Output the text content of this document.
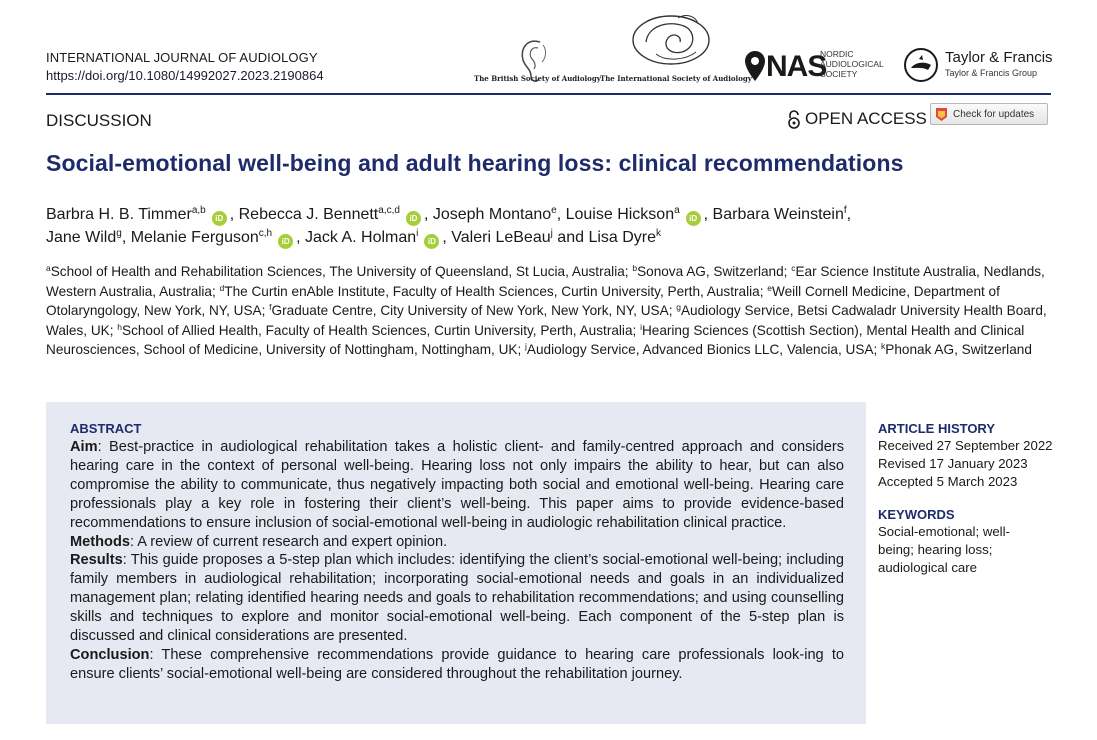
INTERNATIONAL JOURNAL OF AUDIOLOGY
https://doi.org/10.1080/14992027.2023.2190864	The British Society of Audiology The International Society of Audiology NAS
NORDIC
AUDIOLOGICAL
SOCIETY
Taylor & Francis
Taylor & Francis Group
DISCUSSION	OPEN ACCESS	Check for updates
Social-emotional well-being and adult hearing loss: clinical recommendations
Barbra H. B. Timmer$^{a,b}$iD , Rebecca J. Bennett$^{a,c,d}$iD , Joseph Montano$^e$, Louise Hickson$^a$iD , Barbara Weinstein$^f$,
Jane Wild$^g$, Melanie Ferguson$^{c,h}$iD , Jack A. Holman$^i$iD , Valeri LeBeau$^j$ and Lisa Dyre$^k$
$^a$School of Health and Rehabilitation Sciences, The University of Queensland, St Lucia, Australia; $^b$Sonova AG, Switzerland; $^c$Ear Science Institute Australia, Nedlands, Western Australia, Australia; $^d$The Curtin enAble Institute, Faculty of Health Sciences, Curtin University, Perth, Australia; $^e$Weill Cornell Medicine, Department of Otolaryngology, New York, NY, USA; $^f$Graduate Centre, City University of New York, New York, NY, USA; $^g$Audiology Service, Betsi Cadwaladr University Health Board, Wales, UK; $^h$School of Allied Health, Faculty of Health Sciences, Curtin University, Perth, Australia; $^i$Hearing Sciences (Scottish Section), Mental Health and Clinical Neurosciences, School of Medicine, University of Nottingham, Nottingham, UK; $^j$Audiology Service, Advanced Bionics LLC, Valencia, USA; $^k$Phonak AG, Switzerland
ABSTRACT

Aim: Best-practice in audiological rehabilitation takes a holistic client- and family-centred approach and considers hearing care in the context of personal well-being. Hearing loss not only impairs the ability to hear, but can also compromise the ability to communicate, thus negatively impacting both social and emotional well-being. Hearing care professionals play a key role in fostering their client’s well-being. This paper aims to provide evidence-based recommendations to ensure inclusion of social-emotional well-being in audiologic rehabilitation clinical practice.

Methods: A review of current research and expert opinion.

Results: This guide proposes a 5-step plan which includes: identifying the client’s social-emotional well-being; including family members in audiological rehabilitation; incorporating social-emotional needs and goals in an individualized management plan; relating identified hearing needs and goals to rehabilitation recommendations; and using counselling skills and techniques to explore and monitor social-emotional well-being. Each component of the 5-step plan is discussed and clinical considerations are presented.

Conclusion: These comprehensive recommendations provide guidance to hearing care professionals look-ing to ensure clients’ social-emotional well-being are considered throughout the rehabilitation journey.

ARTICLE HISTORY
Received 27 September 2022
Revised 17 January 2023
Accepted 5 March 2023
KEYWORDS
Social-emotional; well-
being; hearing loss;
audiological care
